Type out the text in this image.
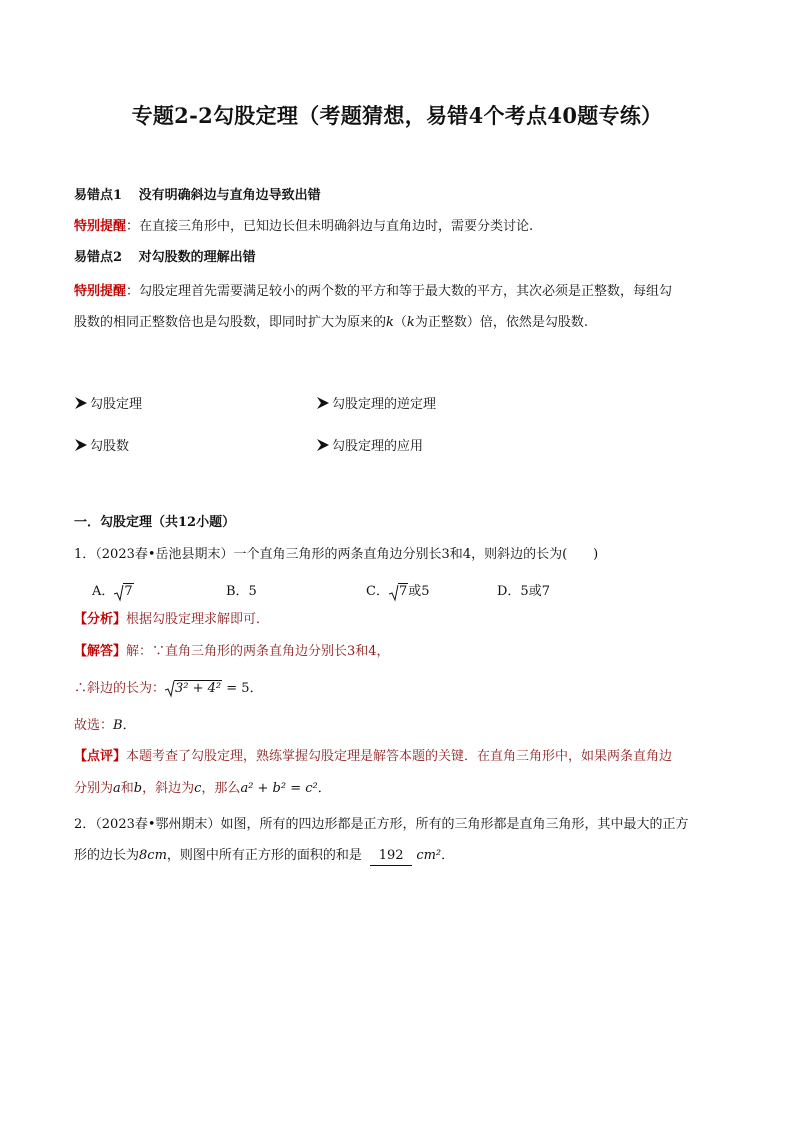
专题2-2勾股定理（考题猜想，易错4个考点40题专练）
易错点1 没有明确斜边与直角边导致出错
特别提醒：在直接三角形中，已知边长但未明确斜边与直角边时，需要分类讨论.
易错点2 对勾股数的理解出错
特别提醒：勾股定理首先需要满足较小的两个数的平方和等于最大数的平方，其次必须是正整数，每组勾
股数的相同正整数倍也是勾股数，即同时扩大为原来的k（k为正整数）倍，依然是勾股数.
勾股定理	勾股定理的逆定理
勾股数	勾股定理的应用
一．勾股定理（共12小题）
1．（2023春•岳池县期末）一个直角三角形的两条直角边分别长3和4，则斜边的长为(　　)
A． 7	B．5	C． 7或5	D．5或7
【分析】根据勾股定理求解即可．
【解答】解：∵直角三角形的两条直角边分别长3和4，
∴斜边的长为： 3² + 4² = 5．
故选：B．
【点评】本题考查了勾股定理，熟练掌握勾股定理是解答本题的关键．在直角三角形中，如果两条直角边
分别为a和b，斜边为c，那么a² + b² = c²．
2．（2023春•鄂州期末）如图，所有的四边形都是正方形，所有的三角形都是直角三角形，其中最大的正方
形的边长为8cm，则图中所有正方形的面积的和是 192 cm²．
